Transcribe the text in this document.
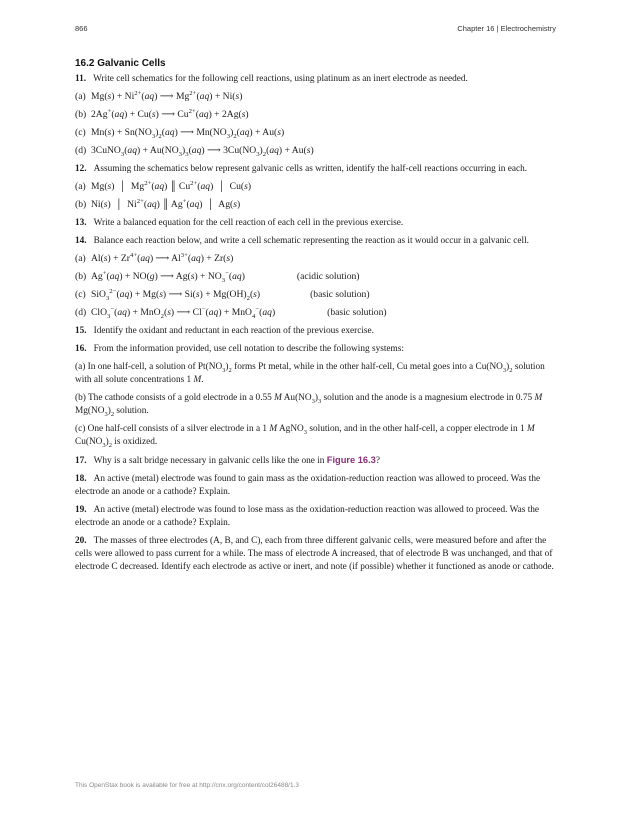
866	Chapter 16 | Electrochemistry
16.2 Galvanic Cells
11. Write cell schematics for the following cell reactions, using platinum as an inert electrode as needed.
(a) $Mg(s) + Ni^{2+}(aq)$ ⟶ $Mg^{2+}(aq) + Ni(s)$
(b) 2Ag+(aq) + Cu(s) ⟶ $Cu^{2+}(aq) + 2Ag(s)$
(c) $Mn(s) + Sn(NO_3)_2(aq)$ ⟶ $Mn(NO_3)_2(aq) + Au(s)$
(d) 3CuNO$_3$(aq) + $Au(NO_3)_3(aq)$ ⟶ $3Cu(NO_3)_2(aq) + Au(s)$
12. Assuming the schematics below represent galvanic cells as written, identify the half-cell reactions occurring in each.
(a) Mg(s)  │  $Mg^{2+}(aq)$ ║ $Cu^{2+}(aq)$  │  Cu(s)
(b) Ni(s)  │  $Ni^{2+}(aq)$ ║ Ag+(aq)  │  Ag(s)
13. Write a balanced equation for the cell reaction of each cell in the previous exercise.
14. Balance each reaction below, and write a cell schematic representing the reaction as it would occur in a galvanic cell.
(a) $Al(s) + Zr^{4+}(aq)$ ⟶ $Al^{3+}(aq) + Zr(s)$
(b) Ag+(aq) + NO(g) ⟶ $Ag(s) + NO_3^-(aq)$	(acidic solution)
(c) SiO$_3^{2-}$(aq) + Mg(s) ⟶ $Si(s) + Mg(OH)_2(s)$	(basic solution)
(d) ClO$_3$−(aq) + MnO$_2$(s) ⟶ Cl−(aq) + MnO$_4$−(aq)	(basic solution)
15. Identify the oxidant and reductant in each reaction of the previous exercise.
16. From the information provided, use cell notation to describe the following systems:
(a) In one half-cell, a solution of $Pt(NO_3)_2$ forms Pt metal, while in the other half-cell, Cu metal goes into a $Cu(NO_3)_2$ solution with all solute concentrations 1 M.
(b) The cathode consists of a gold electrode in a 0.55 M $Au(NO_3)_3$ solution and the anode is a magnesium electrode in 0.75 M $Mg(NO_3)_2$ solution.
(c) One half-cell consists of a silver electrode in a 1 M AgNO$_3$ solution, and in the other half-cell, a copper electrode in 1 M $Cu(NO_3)_2$ is oxidized.
17. Why is a salt bridge necessary in galvanic cells like the one in Figure 16.3?
18. An active (metal) electrode was found to gain mass as the oxidation-reduction reaction was allowed to proceed. Was the electrode an anode or a cathode? Explain.
19. An active (metal) electrode was found to lose mass as the oxidation-reduction reaction was allowed to proceed. Was the electrode an anode or a cathode? Explain.
20. The masses of three electrodes (A, B, and C), each from three different galvanic cells, were measured before and after the cells were allowed to pass current for a while. The mass of electrode A increased, that of electrode B was unchanged, and that of electrode C decreased. Identify each electrode as active or inert, and note (if possible) whether it functioned as anode or cathode.
This OpenStax book is available for free at http://cnx.org/content/col26488/1.3
